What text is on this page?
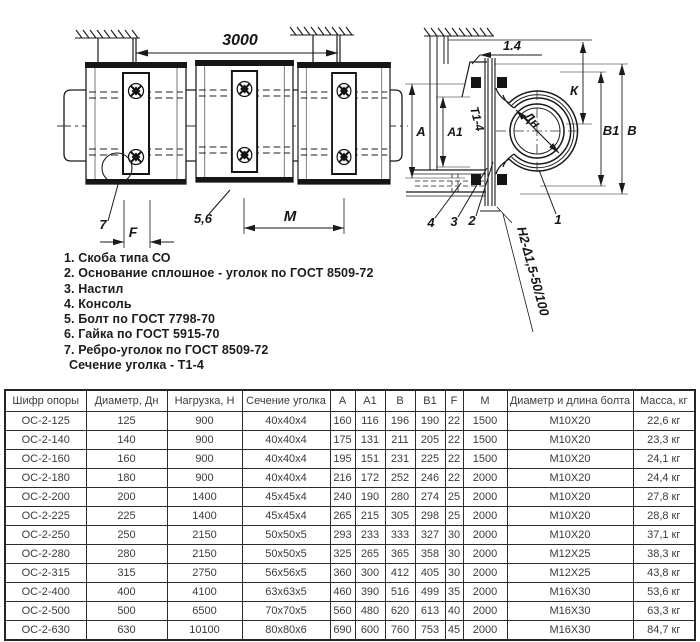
3000
7	5,6
F
М
1.4
Дн
Т1-4
А А1
К
В1 В
4 3 2	1
Н2-Δ1,5-50/100
1. Скоба типа СО
2. Основание сплошное - уголок по ГОСТ 8509-72
3. Настил
4. Консоль
5. Болт по ГОСТ 7798-70
6. Гайка по ГОСТ 5915-70
7. Ребро-уголок по ГОСТ 8509-72
Сечение уголка - Т1-4
Шифр опоры	Диаметр, Дн	Нагрузка, Н	Сечение уголка	А	А1	В	В1	F	М	Диаметр и длина болта	Масса, кг
ОС-2-125	125	900	40х40х4	160	116	196	190	22	1500	М10Х20	22,6 кг
ОС-2-140	140	900	40х40х4	175	131	211	205	22	1500	М10Х20	23,3 кг
ОС-2-160	160	900	40х40х4	195	151	231	225	22	1500	М10Х20	24,1 кг
ОС-2-180	180	900	40х40х4	216	172	252	246	22	2000	М10Х20	24,4 кг
ОС-2-200	200	1400	45х45х4	240	190	280	274	25	2000	М10Х20	27,8 кг
ОС-2-225	225	1400	45х45х4	265	215	305	298	25	2000	М10Х20	28,8 кг
ОС-2-250	250	2150	50х50х5	293	233	333	327	30	2000	М10Х20	37,1 кг
ОС-2-280	280	2150	50х50х5	325	265	365	358	30	2000	М12Х25	38,3 кг
ОС-2-315	315	2750	56х56х5	360	300	412	405	30	2000	М12Х25	43,8 кг
ОС-2-400	400	4100	63х63х5	460	390	516	499	35	2000	М16Х30	53,6 кг
ОС-2-500	500	6500	70х70х5	560	480	620	613	40	2000	М16Х30	63,3 кг
ОС-2-630	630	10100	80х80х6	690	600	760	753	45	2000	М16Х30	84,7 кг
